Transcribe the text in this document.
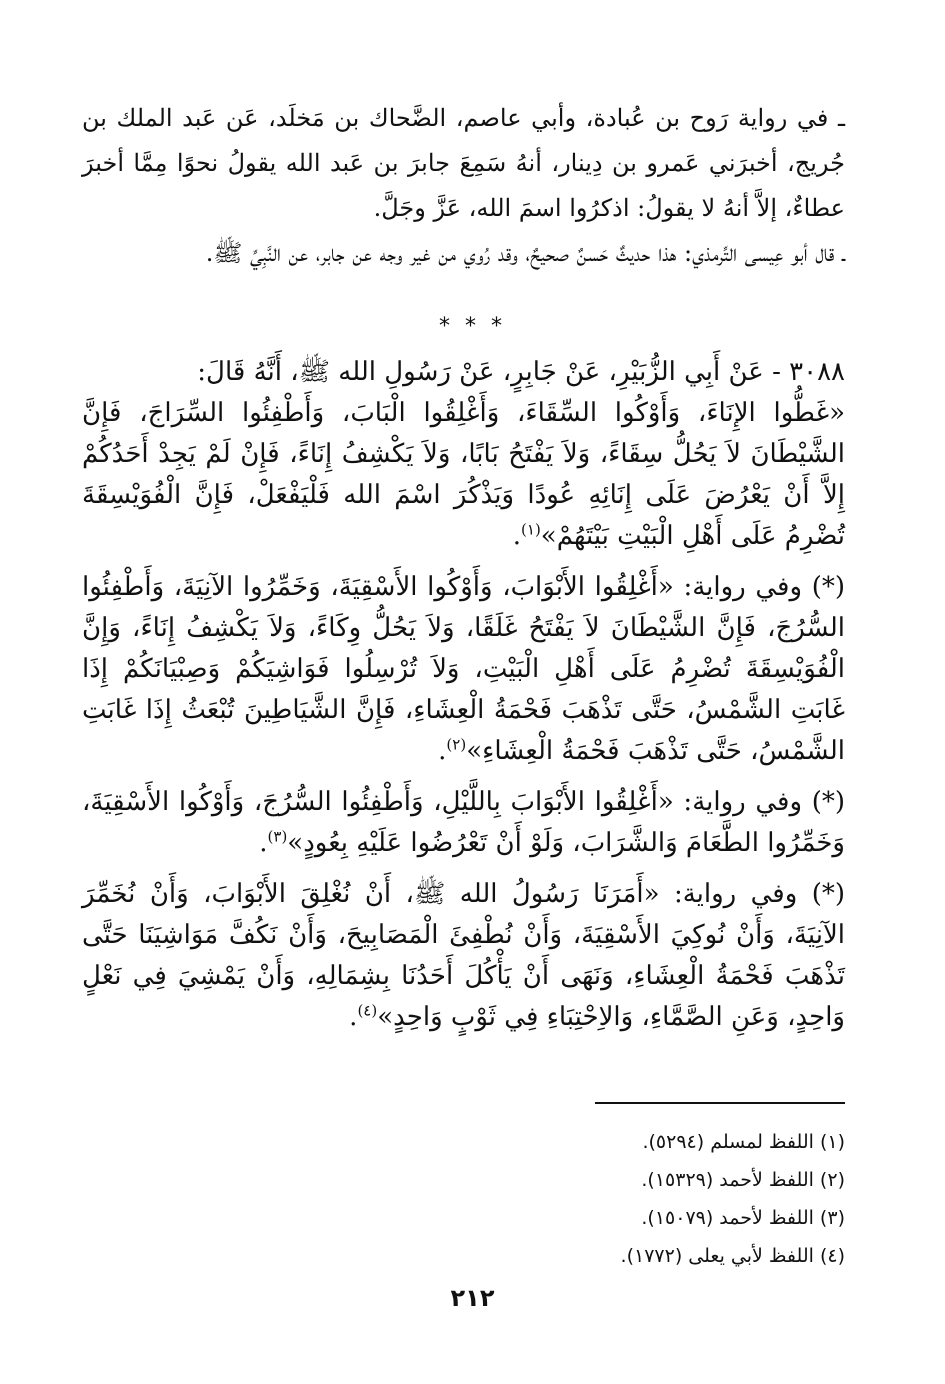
ـ في رواية رَوح بن عُبادة، وأبي عاصم، الضَّحاك بن مَخلَد، عَن عَبد الملك بن جُريج، أخبرَني عَمرو بن دِينار، أنهُ سَمِعَ جابرَ بن عَبد الله يقولُ نحوًا مِمَّا أخبرَ عطاءٌ، إلاَّ أنهُ لا يقولُ: اذكرُوا اسمَ الله، عَزَّ وجَلَّ.

ـ قال أبو عِيسى التِّرمذي: هذا حديثٌ حَسنٌ صحيحٌ، وقد رُوي من غير وجه عن جابر، عن النَّبِيِّ ﷺ.

* * *

٣٠٨٨ - عَنْ أَبِي الزُّبَيْرِ، عَنْ جَابِرٍ، عَنْ رَسُولِ الله ﷺ، أَنَّهُ قَالَ:
«غَطُّوا الإِنَاءَ، وَأَوْكُوا السِّقَاءَ، وَأَغْلِقُوا الْبَابَ، وَأَطْفِئُوا السِّرَاجَ، فَإِنَّ الشَّيْطَانَ لاَ يَحُلُّ سِقَاءً، وَلاَ يَفْتَحُ بَابًا، وَلاَ يَكْشِفُ إِنَاءً، فَإِنْ لَمْ يَجِدْ أَحَدُكُمْ إِلاَّ أَنْ يَعْرُضَ عَلَى إِنَائِهِ عُودًا وَيَذْكُرَ اسْمَ الله فَلْيَفْعَلْ، فَإِنَّ الْفُوَيْسِقَةَ تُضْرِمُ عَلَى أَهْلِ الْبَيْتِ بَيْتَهُمْ»$^{(١)}$.

(*) وفي رواية: «أَغْلِقُوا الأَبْوَابَ، وَأَوْكُوا الأَسْقِيَةَ، وَخَمِّرُوا الآنِيَةَ، وَأَطْفِئُوا السُّرُجَ، فَإِنَّ الشَّيْطَانَ لاَ يَفْتَحُ غَلَقًا، وَلاَ يَحُلُّ وِكَاءً، وَلاَ يَكْشِفُ إِنَاءً، وَإِنَّ الْفُوَيْسِقَةَ تُضْرِمُ عَلَى أَهْلِ الْبَيْتِ، وَلاَ تُرْسِلُوا فَوَاشِيَكُمْ وَصِبْيَانَكُمْ إِذَا غَابَتِ الشَّمْسُ، حَتَّى تَذْهَبَ فَحْمَةُ الْعِشَاءِ، فَإِنَّ الشَّيَاطِينَ تُبْعَثُ إِذَا غَابَتِ الشَّمْسُ، حَتَّى تَذْهَبَ فَحْمَةُ الْعِشَاءِ»$^{(٢)}$.

(*) وفي رواية: «أَغْلِقُوا الأَبْوَابَ بِاللَّيْلِ، وَأَطْفِئُوا السُّرُجَ، وَأَوْكُوا الأَسْقِيَةَ، وَخَمِّرُوا الطَّعَامَ وَالشَّرَابَ، وَلَوْ أَنْ تَعْرُضُوا عَلَيْهِ بِعُودٍ»$^{(٣)}$.

(*) وفي رواية: «أَمَرَنَا رَسُولُ الله ﷺ، أَنْ نُغْلِقَ الأَبْوَابَ، وَأَنْ نُخَمِّرَ الآنِيَةَ، وَأَنْ نُوكِيَ الأَسْقِيَةَ، وَأَنْ نُطْفِئَ الْمَصَابِيحَ، وَأَنْ نَكُفَّ مَوَاشِيَنَا حَتَّى تَذْهَبَ فَحْمَةُ الْعِشَاءِ، وَنَهَى أَنْ يَأْكُلَ أَحَدُنَا بِشِمَالِهِ، وَأَنْ يَمْشِيَ فِي نَعْلٍ وَاحِدٍ، وَعَنِ الصَّمَّاءِ، وَالاِحْتِبَاءِ فِي ثَوْبٍ وَاحِدٍ»$^{(٤)}$.

(١) اللفظ لمسلم (٥٢٩٤).
(٢) اللفظ لأحمد (١٥٣٢٩).
(٣) اللفظ لأحمد (١٥٠٧٩).
(٤) اللفظ لأبي يعلى (١٧٧٢).
٢١٢
